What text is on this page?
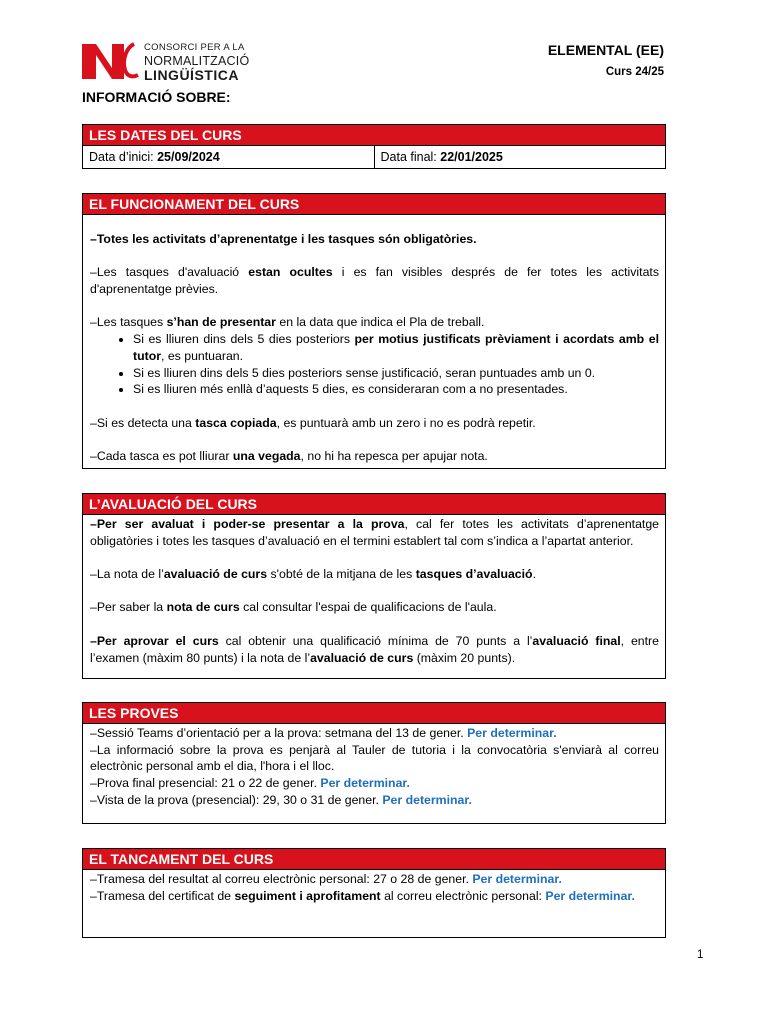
CONSORCI PER A LA
NORMALITZACIÓ
LINGÜÍSTICA
ELEMENTAL (EE)
Curs 24/25
INFORMACIÓ SOBRE:
LES DATES DEL CURS
Data d’inici: 25/09/2024	Data final: 22/01/2025
EL FUNCIONAMENT DEL CURS

–Totes les activitats d’aprenentatge i les tasques són obligatòries.

–Les tasques d'avaluació estan ocultes i es fan visibles després de fer totes les activitats d'aprenentatge prèvies.

–Les tasques s’han de presentar en la data que indica el Pla de treball.

• Si es lliuren dins dels 5 dies posteriors per motius justificats prèviament i acordats amb el tutor, es puntuaran.
• Si es lliuren dins dels 5 dies posteriors sense justificació, seran puntuades amb un 0.
• Si es lliuren més enllà d’aquests 5 dies, es consideraran com a no presentades.

–Si es detecta una tasca copiada, es puntuarà amb un zero i no es podrà repetir.

–Cada tasca es pot lliurar una vegada, no hi ha repesca per apujar nota.

L’AVALUACIÓ DEL CURS

–Per ser avaluat i poder-se presentar a la prova, cal fer totes les activitats d’aprenentatge obligatòries i totes les tasques d’avaluació en el termini establert tal com s’indica a l’apartat anterior.

–La nota de l’avaluació de curs s'obté de la mitjana de les tasques d’avaluació.

–Per saber la nota de curs cal consultar l'espai de qualificacions de l'aula.

–Per aprovar el curs cal obtenir una qualificació mínima de 70 punts a l’avaluació final, entre l’examen (màxim 80 punts) i la nota de l’avaluació de curs (màxim 20 punts).

LES PROVES

–Sessió Teams d’orientació per a la prova: setmana del 13 de gener. Per determinar.

–La informació sobre la prova es penjarà al Tauler de tutoria i la convocatòria s'enviarà al correu electrònic personal amb el dia, l'hora i el lloc.

–Prova final presencial: 21 o 22 de gener. Per determinar.

–Vista de la prova (presencial): 29, 30 o 31 de gener. Per determinar.

EL TANCAMENT DEL CURS

–Tramesa del resultat al correu electrònic personal: 27 o 28 de gener. Per determinar.

–Tramesa del certificat de seguiment i aprofitament al correu electrònic personal: Per determinar.

1
